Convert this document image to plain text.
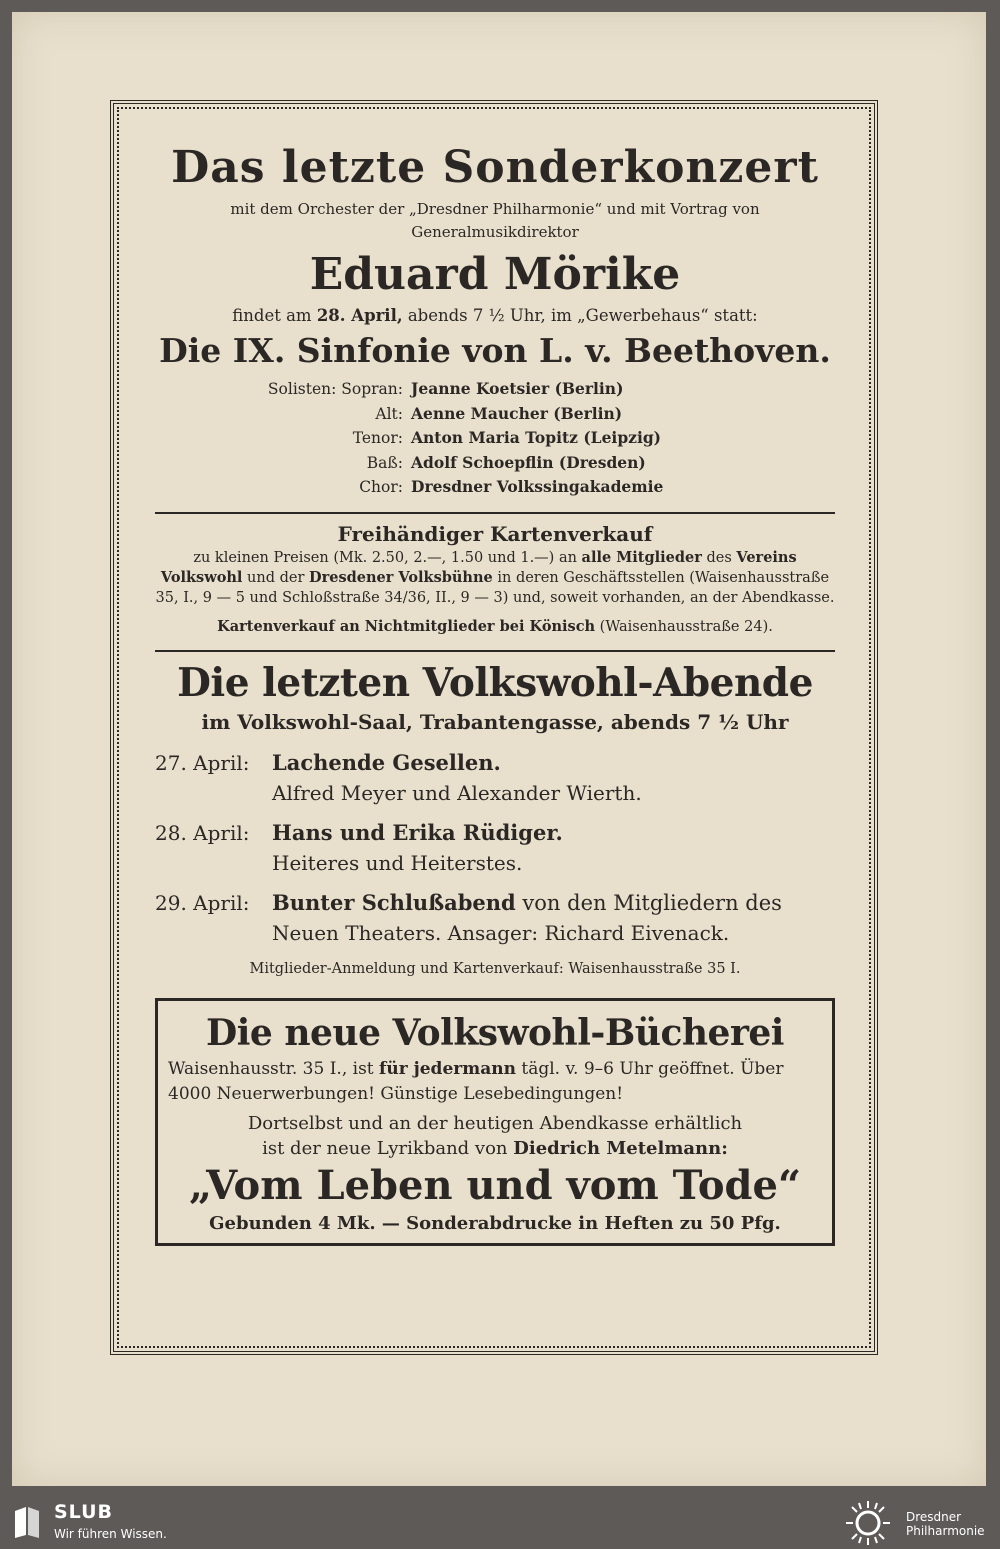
Das letzte Sonderkonzert
mit dem Orchester der „Dresdner Philharmonie“ und mit Vortrag von
Generalmusikdirektor
Eduard Mörike
findet am 28. April, abends 7 ½ Uhr, im „Gewerbehaus“ statt:
Die IX. Sinfonie von L. v. Beethoven.
Solisten: Sopran: Jeanne Koetsier (Berlin)
Alt: Aenne Maucher (Berlin)
Tenor: Anton Maria Topitz (Leipzig)
Baß: Adolf Schoepflin (Dresden)
Chor: Dresdner Volkssingakademie
Freihändiger Kartenverkauf
zu kleinen Preisen (Mk. 2.50, 2.—, 1.50 und 1.—) an alle Mitglieder des Vereins Volkswohl und der Dresdener Volksbühne in deren Geschäftsstellen (Waisenhausstraße 35, I., 9 — 5 und Schloßstraße 34/36, II., 9 — 3) und, soweit vorhanden, an der Abendkasse.
Kartenverkauf an Nichtmitglieder bei Könisch (Waisenhausstraße 24).
Die letzten Volkswohl-Abende
im Volkswohl-Saal, Trabantengasse, abends 7 ½ Uhr
27. April:	Lachende Gesellen.
Alfred Meyer und Alexander Wierth.
28. April:	Hans und Erika Rüdiger.
Heiteres und Heiterstes.
29. April:	Bunter Schlußabend von den Mitgliedern des
Neuen Theaters. Ansager: Richard Eivenack.
Mitglieder-Anmeldung und Kartenverkauf: Waisenhausstraße 35 I.
Die neue Volkswohl-Bücherei
Waisenhausstr. 35 I., ist für jedermann tägl. v. 9–6 Uhr geöffnet. Über 4000 Neuerwerbungen! Günstige Lesebedingungen!
Dortselbst und an der heutigen Abendkasse erhältlich
ist der neue Lyrikband von Diedrich Metelmann:
„Vom Leben und vom Tode“
Gebunden 4 Mk. — Sonderabdrucke in Heften zu 50 Pfg.
SLUB
Wir führen Wissen.
Dresdner
Philharmonie
